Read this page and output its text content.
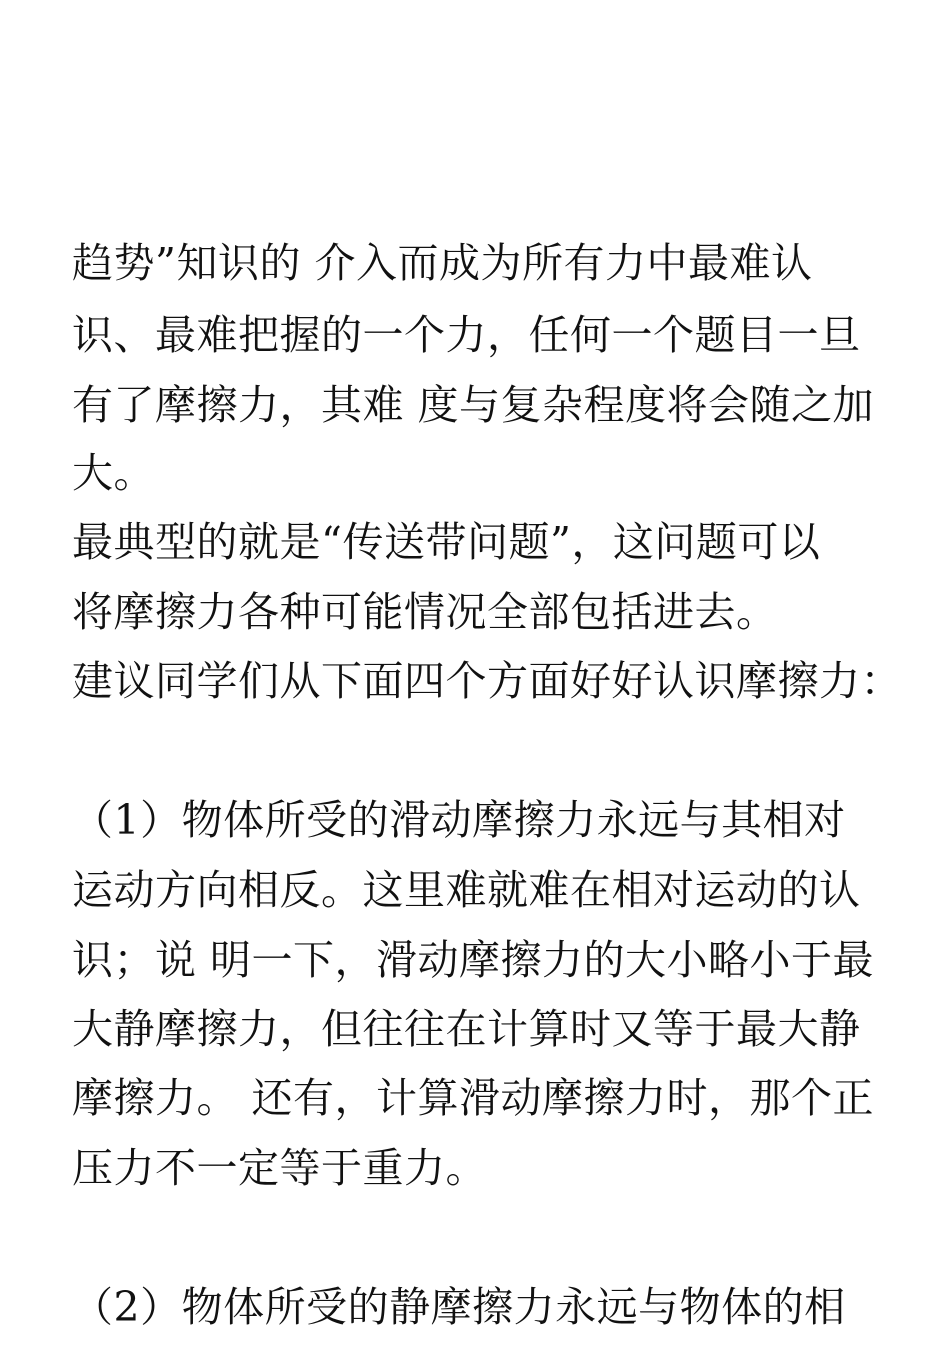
趋势”知识的 介入而成为所有力中最难认
识、最难把握的一个力，任何一个题目一旦
有了摩擦力，其难 度与复杂程度将会随之加
大。
最典型的就是“传送带问题”，这问题可以
将摩擦力各种可能情况全部包括进去。
建议同学们从下面四个方面好好认识摩擦力：
（1）物体所受的滑动摩擦力永远与其相对
运动方向相反。这里难就难在相对运动的认
识；说 明一下，滑动摩擦力的大小略小于最
大静摩擦力，但往往在计算时又等于最大静
摩擦力。 还有，计算滑动摩擦力时，那个正
压力不一定等于重力。
（2）物体所受的静摩擦力永远与物体的相
